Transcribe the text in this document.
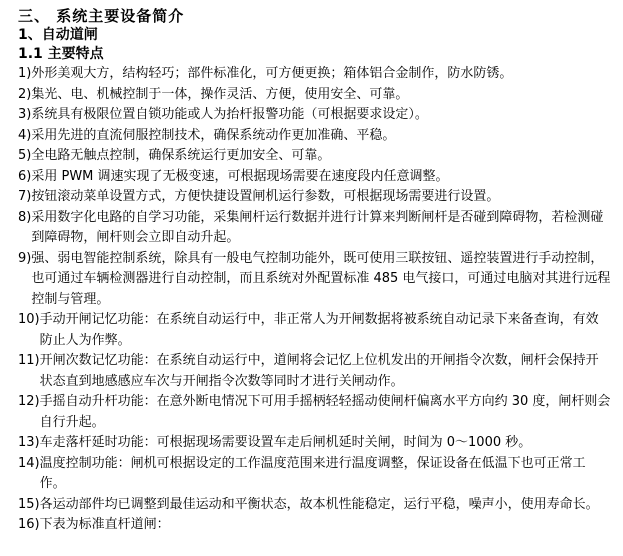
三、 系统主要设备简介
1、自动道闸
1.1 主要特点
1) 外形美观大方，结构轻巧；部件标准化，可方便更换；箱体铝合金制作，防水防锈。
2) 集光、电、机械控制于一体，操作灵活、方便，使用安全、可靠。
3) 系统具有极限位置自锁功能或人为抬杆报警功能（可根据要求设定）。
4) 采用先进的直流伺服控制技术，确保系统动作更加准确、平稳。
5) 全电路无触点控制，确保系统运行更加安全、可靠。
6) 采用 PWM 调速实现了无极变速，可根据现场需要在速度段内任意调整。
7) 按钮滚动菜单设置方式，方便快捷设置闸机运行参数，可根据现场需要进行设置。
8) 采用数字化电路的自学习功能，采集闸杆运行数据并进行计算来判断闸杆是否碰到障碍物，若检测碰到障碍物，闸杆则会立即自动升起。
9) 强、弱电智能控制系统，除具有一般电气控制功能外，既可使用三联按钮、遥控装置进行手动控制，也可通过车辆检测器进行自动控制，而且系统对外配置标准 485 电气接口，可通过电脑对其进行远程控制与管理。
10) 手动开闸记忆功能：在系统自动运行中，非正常人为开闸数据将被系统自动记录下来备查询，有效防止人为作弊。
11) 开闸次数记忆功能：在系统自动运行中，道闸将会记忆上位机发出的开闸指令次数，闸杆会保持开状态直到地感感应车次与开闸指令次数等同时才进行关闸动作。
12) 手摇自动升杆功能：在意外断电情况下可用手摇柄轻轻摇动使闸杆偏离水平方向约 30 度，闸杆则会自行升起。
13) 车走落杆延时功能：可根据现场需要设置车走后闸机延时关闸，时间为 0～1000 秒。
14) 温度控制功能：闸机可根据设定的工作温度范围来进行温度调整，保证设备在低温下也可正常工作。
15) 各运动部件均已调整到最佳运动和平衡状态，故本机性能稳定，运行平稳，噪声小，使用寿命长。
16) 下表为标准直杆道闸：
